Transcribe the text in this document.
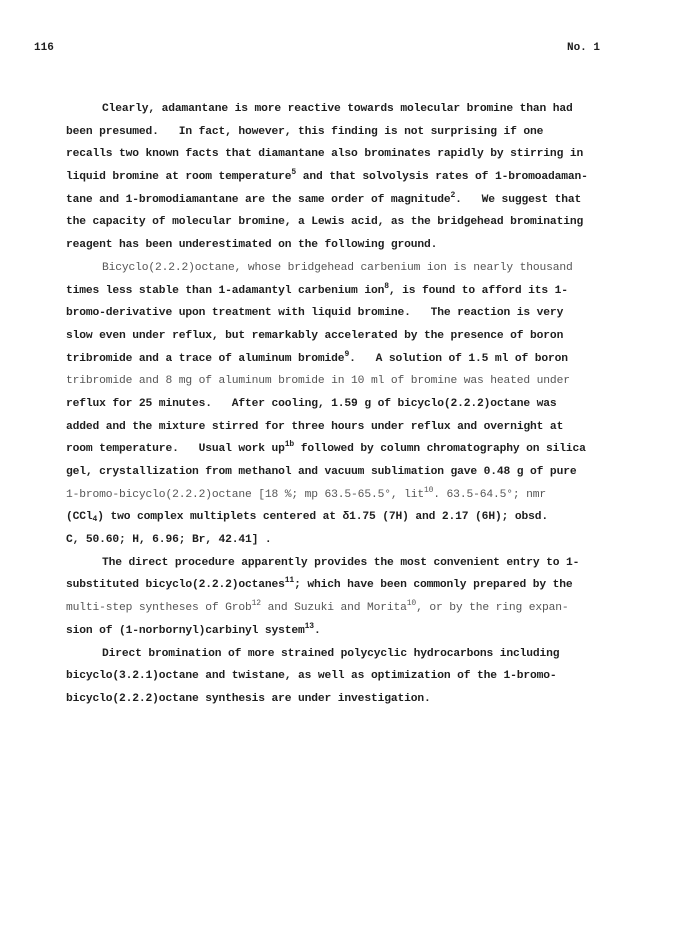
116	No. 1
Clearly, adamantane is more reactive towards molecular bromine than had
been presumed.   In fact, however, this finding is not surprising if one
recalls two known facts that diamantane also brominates rapidly by stirring in
liquid bromine at room temperature$^5$ and that solvolysis rates of 1-bromoadaman-
tane and 1-bromodiamantane are the same order of magnitude$^2$.   We suggest that
the capacity of molecular bromine, a Lewis acid, as the bridgehead brominating
reagent has been underestimated on the following ground.
Bicyclo(2.2.2)octane, whose bridgehead carbenium ion is nearly thousand
times less stable than 1-adamantyl carbenium ion$^8$, is found to afford its 1-
bromo-derivative upon treatment with liquid bromine.   The reaction is very
slow even under reflux, but remarkably accelerated by the presence of boron
tribromide and a trace of aluminum bromide$^9$.   A solution of 1.5 ml of boron
tribromide and 8 mg of aluminum bromide in 10 ml of bromine was heated under
reflux for 25 minutes.   After cooling, 1.59 g of bicyclo(2.2.2)octane was
added and the mixture stirred for three hours under reflux and overnight at
room temperature.   Usual work $up^{1b}$ followed by column chromatography on silica
gel, crystallization from methanol and vacuum sublimation gave 0.48 g of pure
1-bromo-bicyclo(2.2.2)octane [18 %; mp 63.5-65.5°, lit$^{10}$. 63.5-64.5°; nmr
(CCl$_4$) two complex multiplets centered at δ1.75 (7H) and 2.17 (6H); obsd.
C, 50.60; H, 6.96; Br, 42.41] .
The direct procedure apparently provides the most convenient entry to 1-
substituted bicyclo(2.2.2)octanes$^{11}$; which have been commonly prepared by the
multi-step syntheses of Grob$^{12}$ and Suzuki and Morita$^{10}$, or by the ring expan-
sion of (1-norbornyl)carbinyl system$^{13}$.
Direct bromination of more strained polycyclic hydrocarbons including
bicyclo(3.2.1)octane and twistane, as well as optimization of the 1-bromo-
bicyclo(2.2.2)octane synthesis are under investigation.
